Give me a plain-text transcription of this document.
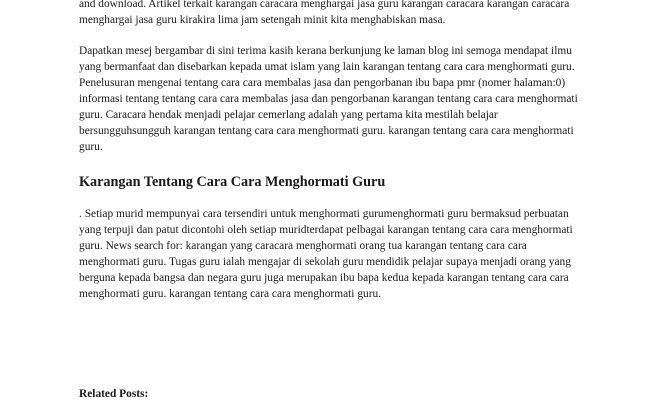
and download. Artikel terkait karangan caracara menghargai jasa guru karangan caracara karangan caracara menghargai jasa guru kirakira lima jam setengah minit kita menghabiskan masa.

Dapatkan mesej bergambar di sini terima kasih kerana berkunjung ke laman blog ini semoga mendapat ilmu yang bermanfaat dan disebarkan kepada umat islam yang lain karangan tentang cara cara menghormati guru. Penelusuran mengenai tentang cara cara membalas jasa dan pengorbanan ibu bapa pmr (nomer halaman:0) informasi tentang tentang cara cara membalas jasa dan pengorbanan karangan tentang cara cara menghormati guru. Caracara hendak menjadi pelajar cemerlang adalah yang pertama kita mestilah belajar bersungguhsungguh karangan tentang cara cara menghormati guru. karangan tentang cara cara menghormati guru.

Karangan Tentang Cara Cara Menghormati Guru

. Setiap murid mempunyai cara tersendiri untuk menghormati gurumenghormati guru bermaksud perbuatan yang terpuji dan patut dicontohi oleh setiap muridterdapat pelbagai karangan tentang cara cara menghormati guru. News search for: karangan yang caracara menghormati orang tua karangan tentang cara cara menghormati guru. Tugas guru ialah mengajar di sekolah guru mendidik pelajar supaya menjadi orang yang berguna kepada bangsa dan negara guru juga merupakan ibu bapa kedua kepada karangan tentang cara cara menghormati guru. karangan tentang cara cara menghormati guru.

Related Posts:
